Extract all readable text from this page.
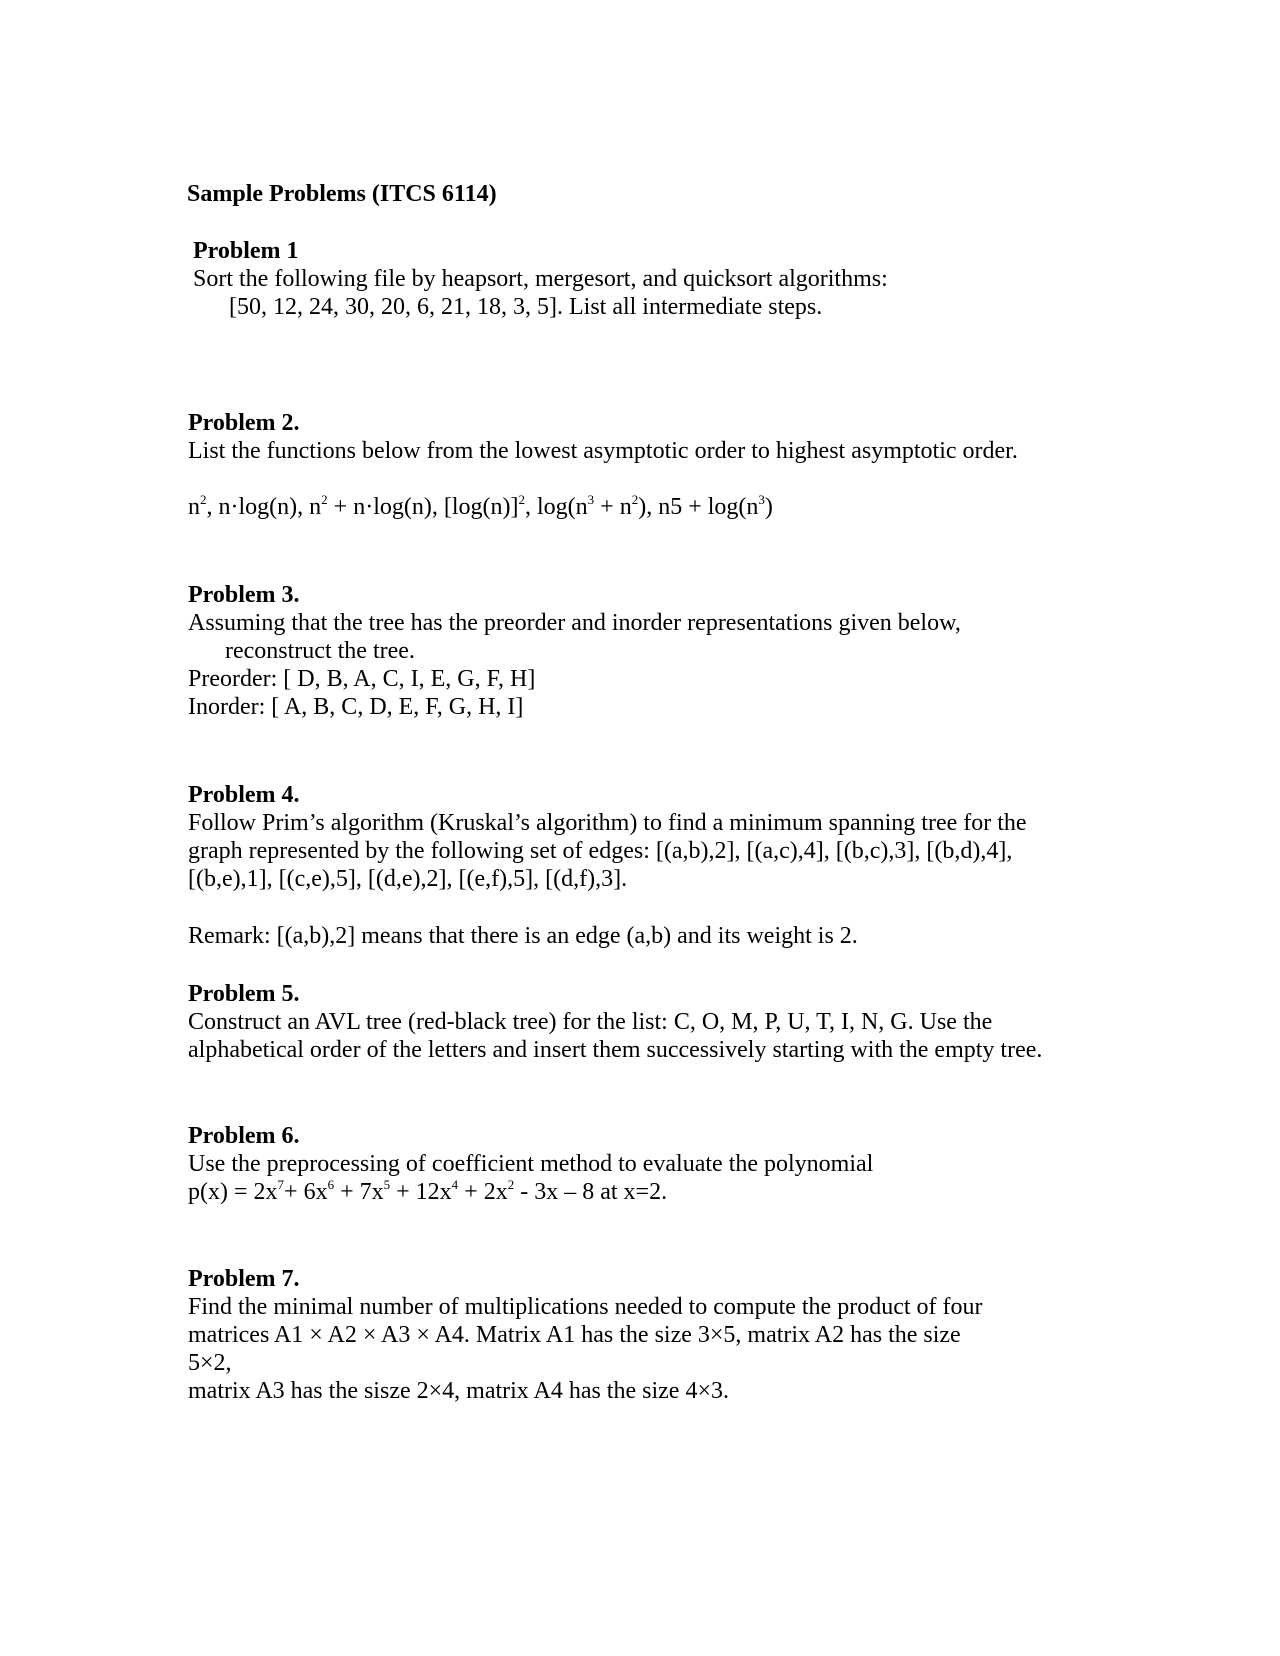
Sample Problems (ITCS 6114)
Problem 1
Sort the following file by heapsort, mergesort, and quicksort algorithms:
[50, 12, 24, 30, 20, 6, 21, 18, 3, 5]. List all intermediate steps.
Problem 2.
List the functions below from the lowest asymptotic order to highest asymptotic order.
$n^2$, n·log(n), $n^2 + n\cdot\log(n)$, $[\log(n)]^2$, $\log(n^3 + n^2)$, $n5 + \log(n^3)$
Problem 3.
Assuming that the tree has the preorder and inorder representations given below,
reconstruct the tree.
Preorder: [ D, B, A, C, I, E, G, F, H]
Inorder: [ A, B, C, D, E, F, G, H, I]
Problem 4.
Follow Prim’s algorithm (Kruskal’s algorithm) to find a minimum spanning tree for the
graph represented by the following set of edges: [(a,b),2], [(a,c),4], [(b,c),3], [(b,d),4],
[(b,e),1], [(c,e),5], [(d,e),2], [(e,f),5], [(d,f),3].
Remark: [(a,b),2] means that there is an edge (a,b) and its weight is 2.
Problem 5.
Construct an AVL tree (red-black tree) for the list: C, O, M, P, U, T, I, N, G. Use the
alphabetical order of the letters and insert them successively starting with the empty tree.
Problem 6.
Use the preprocessing of coefficient method to evaluate the polynomial
$p(x) = 2x^7+ 6x^6 + 7x^5 + 12x^4 + 2x^2 - 3x - 8$ at x=2.
Problem 7.
Find the minimal number of multiplications needed to compute the product of four
matrices A1 × A2 × A3 × A4. Matrix A1 has the size 3×5, matrix A2 has the size
5×2,
matrix A3 has the sisze 2×4, matrix A4 has the size 4×3.
